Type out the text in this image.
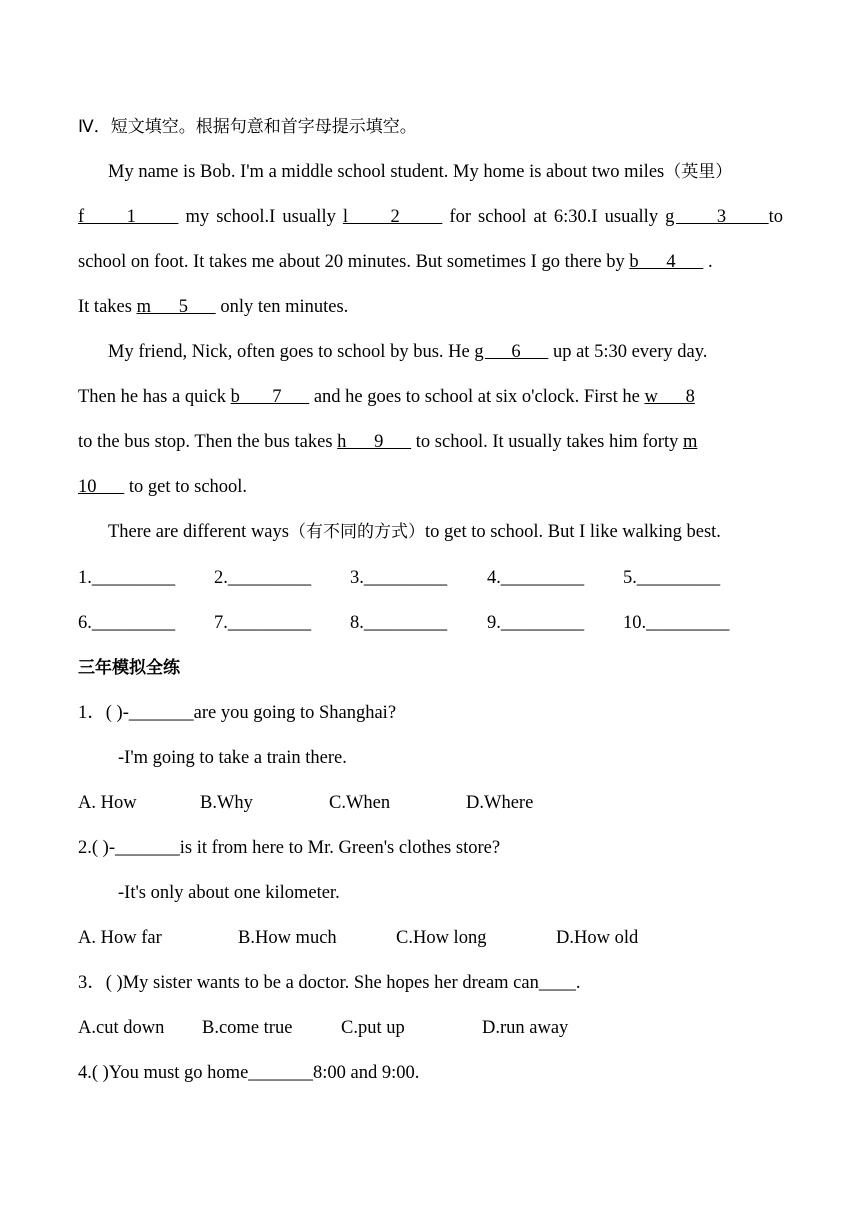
Ⅳ．短文填空。根据句意和首字母提示填空。
My name is Bob. I'm a middle school student. My home is about two miles（英里）
f      1       my school.I usually l      2       for school at 6:30.I usually g      3      to
school on foot. It takes me about 20 minutes. But sometimes I go there by b      4       .
It takes m      5       only ten minutes.
My friend, Nick, often goes to school by bus. He g      6       up at 5:30 every day.
Then he has a quick b       7       and he goes to school at six o'clock. First he w      8
to the bus stop. Then the bus takes h      9       to school. It usually takes him forty m
10       to get to school.
There are different ways（有不同的方式）to get to school. But I like walking best.
1._________ 2._________ 3._________ 4._________ 5._________
6._________ 7._________ 8._________ 9._________ 10._________
三年模拟全练
1．( )-_______are you going to Shanghai?
-I'm going to take a train there.
A. How	B.Why	C.When	D.Where
2.( )-_______is it from here to Mr. Green's clothes store?
-It's only about one kilometer.
A. How far	B.How much	C.How long	D.How old
3．( )My sister wants to be a doctor. She hopes her dream can____.
A.cut down B.come true	C.put up	D.run away
4.( )You must go home_______8:00 and 9:00.
